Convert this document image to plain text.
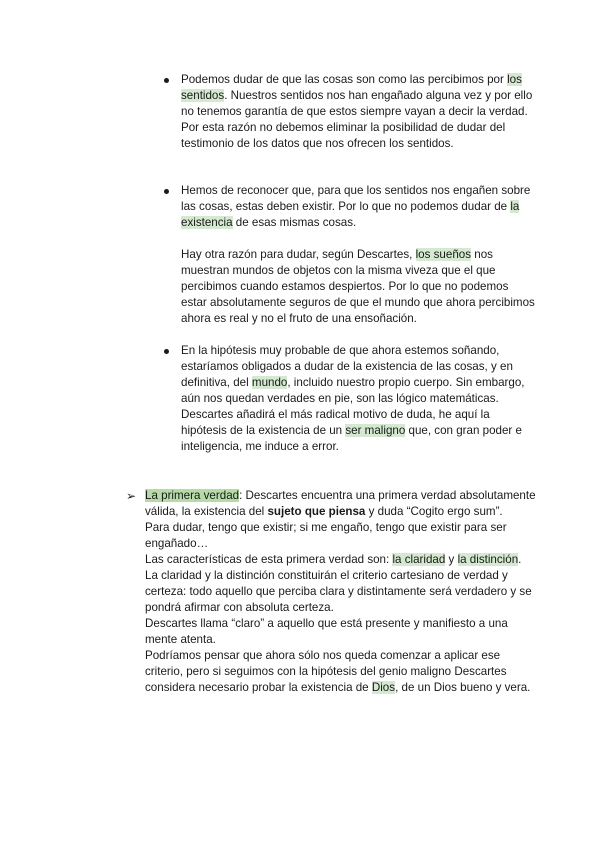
Podemos dudar de que las cosas son como las percibimos por los sentidos. Nuestros sentidos nos han engañado alguna vez y por ello no tenemos garantía de que estos siempre vayan a decir la verdad. Por esta razón no debemos eliminar la posibilidad de dudar del testimonio de los datos que nos ofrecen los sentidos.

Hemos de reconocer que, para que los sentidos nos engañen sobre las cosas, estas deben existir. Por lo que no podemos dudar de la existencia de esas mismas cosas.

Hay otra razón para dudar, según Descartes, los sueños nos muestran mundos de objetos con la misma viveza que el que percibimos cuando estamos despiertos. Por lo que no podemos estar absolutamente seguros de que el mundo que ahora percibimos ahora es real y no el fruto de una ensoñación.

En la hipótesis muy probable de que ahora estemos soñando, estaríamos obligados a dudar de la existencia de las cosas, y en definitiva, del mundo, incluido nuestro propio cuerpo. Sin embargo, aún nos quedan verdades en pie, son las lógico matemáticas.

Descartes añadirá el más radical motivo de duda, he aquí la hipótesis de la existencia de un ser maligno que, con gran poder e inteligencia, me induce a error.

➢ La primera verdad: Descartes encuentra una primera verdad absolutamente válida, la existencia del sujeto que piensa y duda “Cogito ergo sum”.

Para dudar, tengo que existir; si me engaño, tengo que existir para ser engañado…

Las características de esta primera verdad son: la claridad y la distinción. La claridad y la distinción constituirán el criterio cartesiano de verdad y certeza: todo aquello que perciba clara y distintamente será verdadero y se pondrá afirmar con absoluta certeza.

Descartes llama “claro” a aquello que está presente y manifiesto a una mente atenta.

Podríamos pensar que ahora sólo nos queda comenzar a aplicar ese criterio, pero si seguimos con la hipótesis del genio maligno Descartes considera necesario probar la existencia de Dios, de un Dios bueno y vera.
